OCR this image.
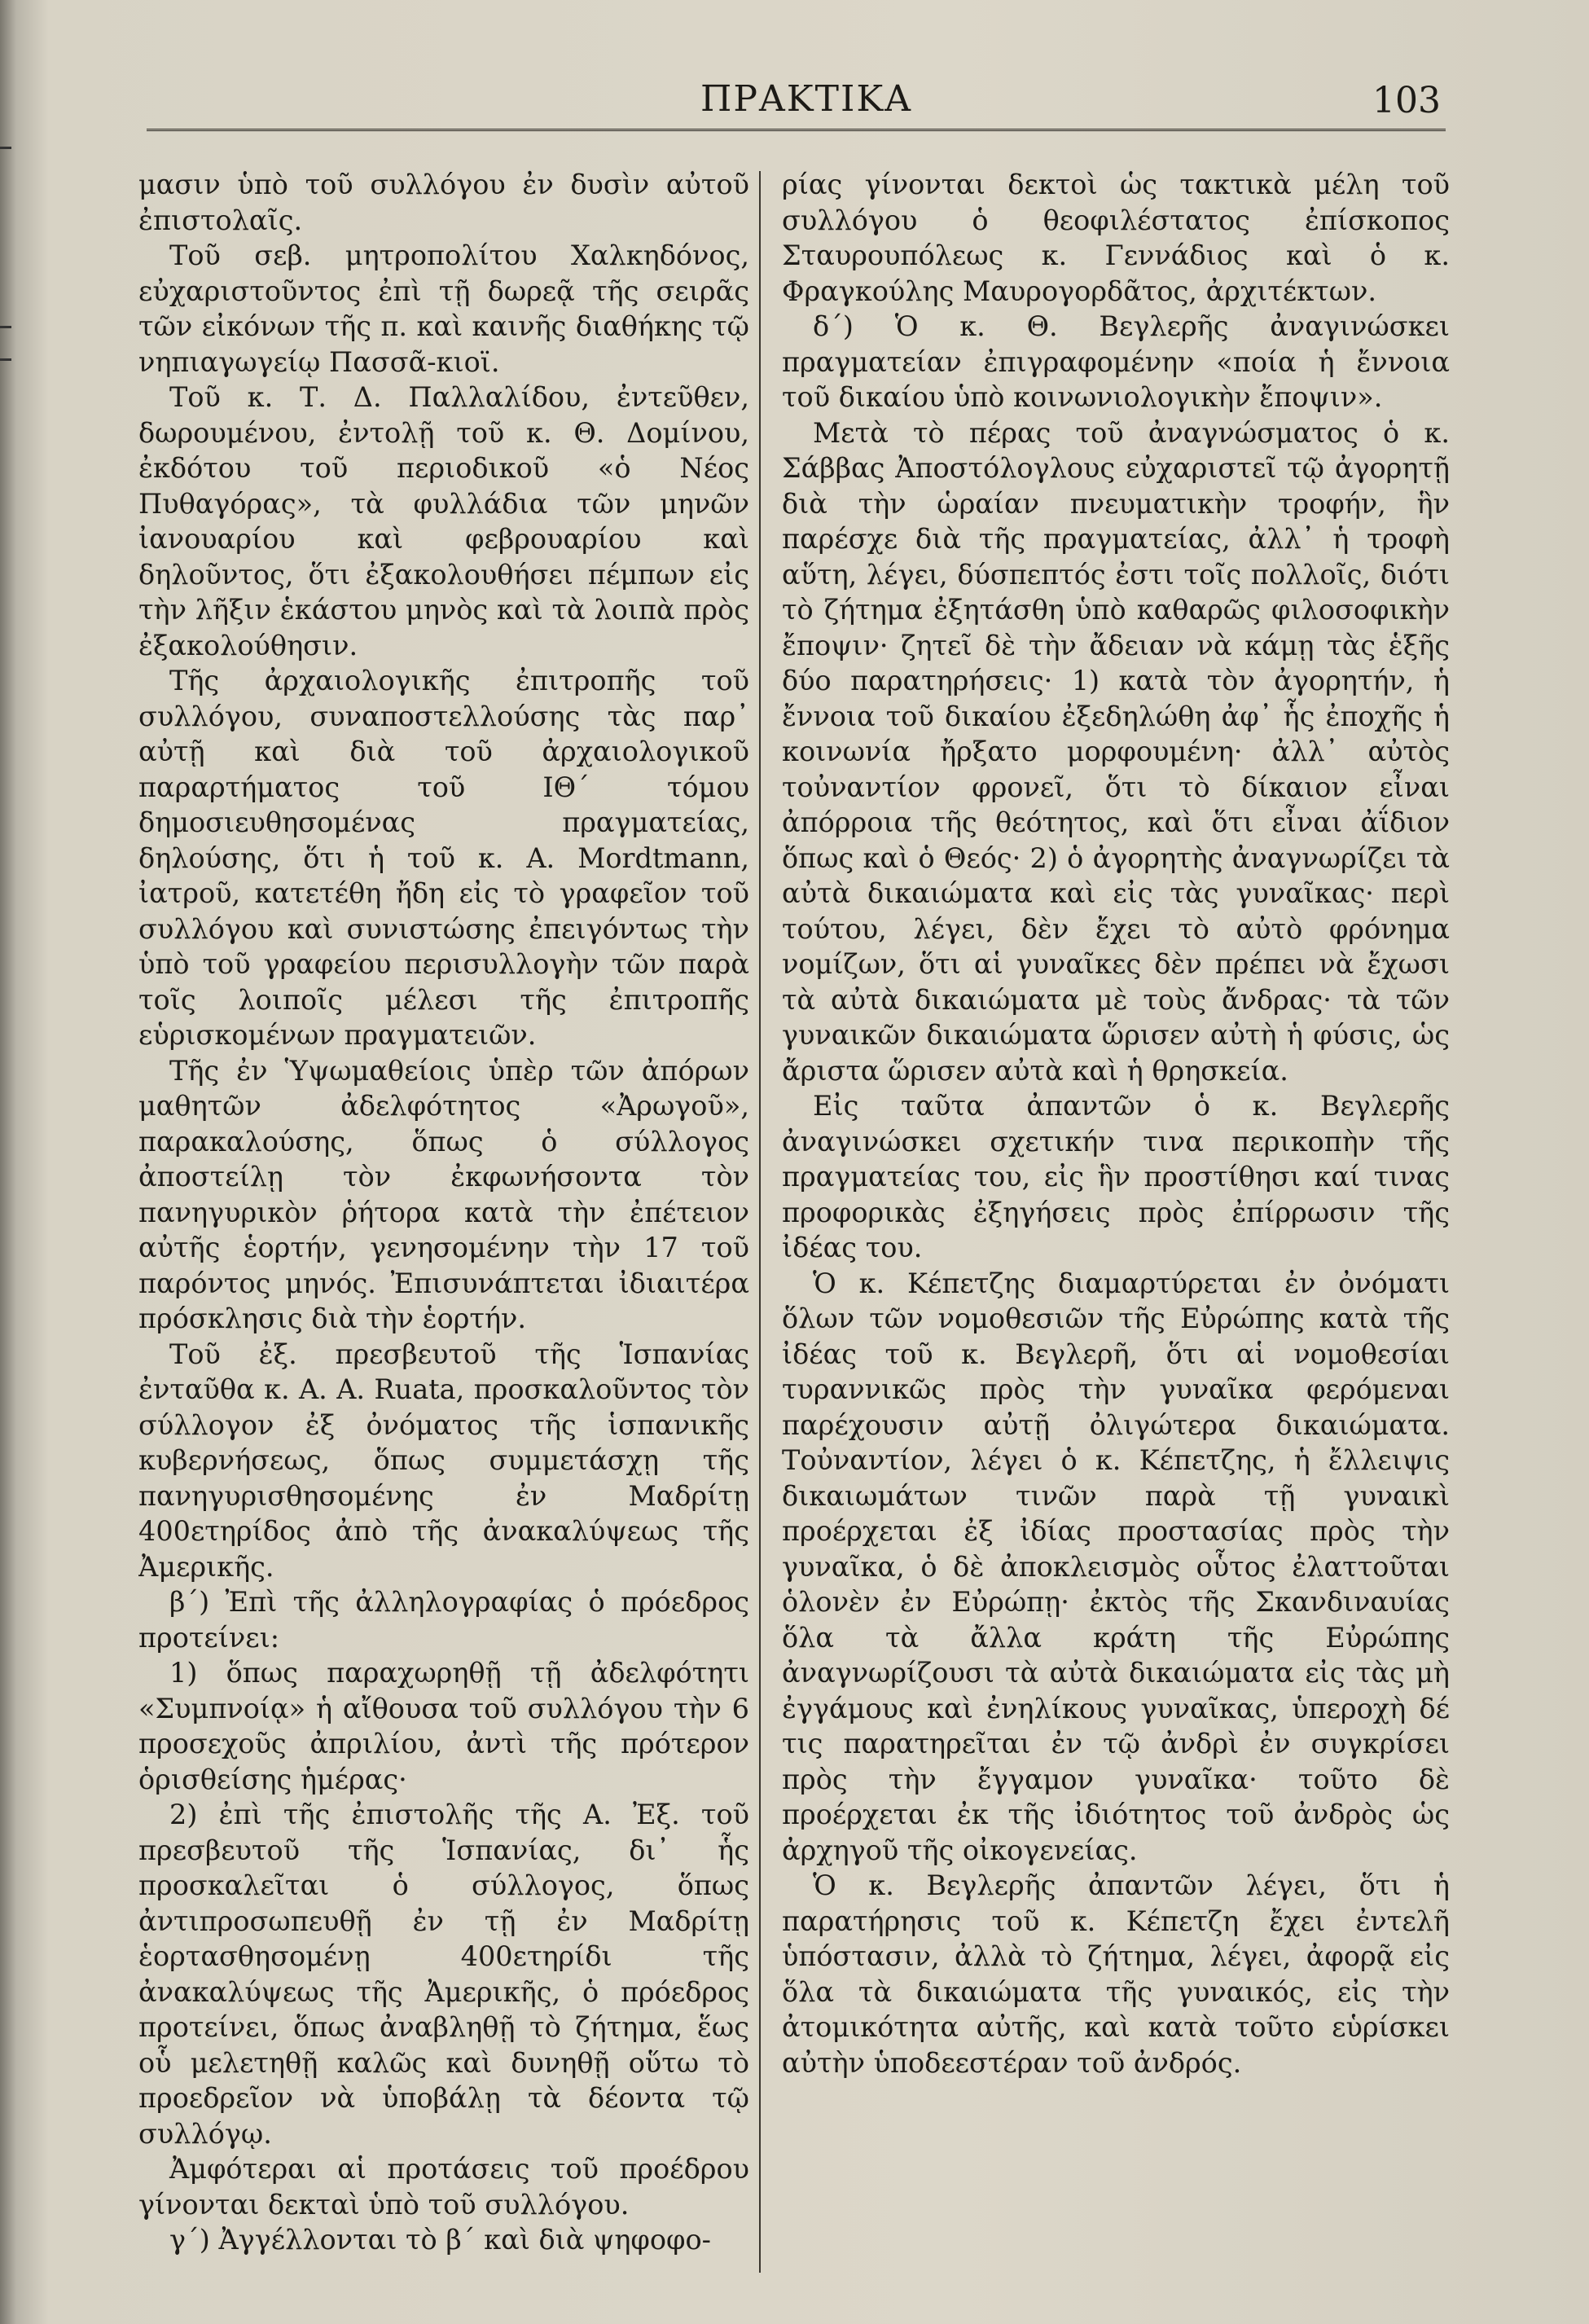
ΠΡΑΚΤΙΚΑ	103

μασιν ὑπὸ τοῦ συλλόγου ἐν δυσὶν αὐτοῦ ἐπιστολαῖς.

Τοῦ σεβ. μητροπολίτου Χαλκηδόνος, εὐχαριστοῦντος ἐπὶ τῇ δωρεᾷ τῆς σειρᾶς τῶν εἰκόνων τῆς π. καὶ καινῆς διαθήκης τῷ νηπιαγωγείῳ Πασσᾶ-κιοϊ.

Τοῦ κ. Τ. Δ. Παλλαλίδου, ἐντεῦθεν, δωρουμένου, ἐντολῇ τοῦ κ. Θ. Δομίνου, ἐκδότου τοῦ περιοδικοῦ «ὁ Νέος Πυθαγόρας», τὰ φυλλάδια τῶν μηνῶν ἰανουαρίου καὶ φεβρουαρίου καὶ δηλοῦντος, ὅτι ἐξακολουθήσει πέμπων εἰς τὴν λῆξιν ἑκάστου μηνὸς καὶ τὰ λοιπὰ πρὸς ἐξακολούθησιν.

Τῆς ἀρχαιολογικῆς ἐπιτροπῆς τοῦ συλλόγου, συναποστελλούσης τὰς παρ᾽ αὐτῇ καὶ διὰ τοῦ ἀρχαιολογικοῦ παραρτήματος τοῦ ΙΘ´ τόμου δημοσιευθησομένας πραγματείας, δηλούσης, ὅτι ἡ τοῦ κ. Α. Mordtmann, ἰατροῦ, κατετέθη ἤδη εἰς τὸ γραφεῖον τοῦ συλλόγου καὶ συνιστώσης ἐπειγόντως τὴν ὑπὸ τοῦ γραφείου περισυλλογὴν τῶν παρὰ τοῖς λοιποῖς μέλεσι τῆς ἐπιτροπῆς εὑρισκομένων πραγματειῶν.

Τῆς ἐν Ὑψωμαθείοις ὑπὲρ τῶν ἀπόρων μαθητῶν ἀδελφότητος «Ἀρωγοῦ», παρακαλούσης, ὅπως ὁ σύλλογος ἀποστείλῃ τὸν ἐκφωνήσοντα τὸν πανηγυρικὸν ῥήτορα κατὰ τὴν ἐπέτειον αὐτῆς ἑορτήν, γενησομένην τὴν 17 τοῦ παρόντος μηνός. Ἐπισυνάπτεται ἰδιαιτέρα πρόσκλησις διὰ τὴν ἑορτήν.

Τοῦ ἐξ. πρεσβευτοῦ τῆς Ἱσπανίας ἐνταῦθα κ. A. A. Ruata, προσκαλοῦντος τὸν σύλλογον ἐξ ὀνόματος τῆς ἱσπανικῆς κυβερνήσεως, ὅπως συμμετάσχῃ τῆς πανηγυρισθησομένης ἐν Μαδρίτῃ 400ετηρίδος ἀπὸ τῆς ἀνακαλύψεως τῆς Ἀμερικῆς.

β´) Ἐπὶ τῆς ἀλληλογραφίας ὁ πρόεδρος προτείνει:

1) ὅπως παραχωρηθῇ τῇ ἀδελφότητι «Συμπνοίᾳ» ἡ αἴθουσα τοῦ συλλόγου τὴν 6 προσεχοῦς ἀπριλίου, ἀντὶ τῆς πρότερον ὁρισθείσης ἡμέρας·

2) ἐπὶ τῆς ἐπιστολῆς τῆς Α. Ἐξ. τοῦ πρεσβευτοῦ τῆς Ἱσπανίας, δι᾽ ἧς προσκαλεῖται ὁ σύλλογος, ὅπως ἀντιπροσωπευθῇ ἐν τῇ ἐν Μαδρίτῃ ἑορτασθησομένῃ 400ετηρίδι τῆς ἀνακαλύψεως τῆς Ἀμερικῆς, ὁ πρόεδρος προτείνει, ὅπως ἀναβληθῇ τὸ ζήτημα, ἕως οὗ μελετηθῇ καλῶς καὶ δυνηθῇ οὕτω τὸ προεδρεῖον νὰ ὑποβάλῃ τὰ δέοντα τῷ συλλόγῳ.

Ἀμφότεραι αἱ προτάσεις τοῦ προέδρου γίνονται δεκταὶ ὑπὸ τοῦ συλλόγου.

γ´) Ἀγγέλλονται τὸ β´ καὶ διὰ ψηφοφο-

ρίας γίνονται δεκτοὶ ὡς τακτικὰ μέλη τοῦ συλλόγου ὁ θεοφιλέστατος ἐπίσκοπος Σταυρουπόλεως κ. Γεννάδιος καὶ ὁ κ. Φραγκούλης Μαυρογορδᾶτος, ἀρχιτέκτων.

δ´) Ὁ κ. Θ. Βεγλερῆς ἀναγινώσκει πραγματείαν ἐπιγραφομένην «ποία ἡ ἔννοια τοῦ δικαίου ὑπὸ κοινωνιολογικὴν ἔποψιν».

Μετὰ τὸ πέρας τοῦ ἀναγνώσματος ὁ κ. Σάββας Ἀποστόλογλους εὐχαριστεῖ τῷ ἀγορητῇ διὰ τὴν ὡραίαν πνευματικὴν τροφήν, ἣν παρέσχε διὰ τῆς πραγματείας, ἀλλ᾽ ἡ τροφὴ αὕτη, λέγει, δύσπεπτός ἐστι τοῖς πολλοῖς, διότι τὸ ζήτημα ἐξητάσθη ὑπὸ καθαρῶς φιλοσοφικὴν ἔποψιν· ζητεῖ δὲ τὴν ἄδειαν νὰ κάμῃ τὰς ἑξῆς δύο παρατηρήσεις· 1) κατὰ τὸν ἀγορητήν, ἡ ἔννοια τοῦ δικαίου ἐξεδηλώθη ἀφ᾽ ἧς ἐποχῆς ἡ κοινωνία ἤρξατο μορφουμένη· ἀλλ᾽ αὐτὸς τοὐναντίον φρονεῖ, ὅτι τὸ δίκαιον εἶναι ἀπόρροια τῆς θεότητος, καὶ ὅτι εἶναι ἀΐδιον ὅπως καὶ ὁ Θεός· 2) ὁ ἀγορητὴς ἀναγνωρίζει τὰ αὐτὰ δικαιώματα καὶ εἰς τὰς γυναῖκας· περὶ τούτου, λέγει, δὲν ἔχει τὸ αὐτὸ φρόνημα νομίζων, ὅτι αἱ γυναῖκες δὲν πρέπει νὰ ἔχωσι τὰ αὐτὰ δικαιώματα μὲ τοὺς ἄνδρας· τὰ τῶν γυναικῶν δικαιώματα ὥρισεν αὐτὴ ἡ φύσις, ὡς ἄριστα ὥρισεν αὐτὰ καὶ ἡ θρησκεία.

Εἰς ταῦτα ἀπαντῶν ὁ κ. Βεγλερῆς ἀναγινώσκει σχετικήν τινα περικοπὴν τῆς πραγματείας του, εἰς ἣν προστίθησι καί τινας προφορικὰς ἐξηγήσεις πρὸς ἐπίρρωσιν τῆς ἰδέας του.

Ὁ κ. Κέπετζης διαμαρτύρεται ἐν ὀνόματι ὅλων τῶν νομοθεσιῶν τῆς Εὐρώπης κατὰ τῆς ἰδέας τοῦ κ. Βεγλερῆ, ὅτι αἱ νομοθεσίαι τυραννικῶς πρὸς τὴν γυναῖκα φερόμεναι παρέχουσιν αὐτῇ ὀλιγώτερα δικαιώματα. Τοὐναντίον, λέγει ὁ κ. Κέπετζης, ἡ ἔλλειψις δικαιωμάτων τινῶν παρὰ τῇ γυναικὶ προέρχεται ἐξ ἰδίας προστασίας πρὸς τὴν γυναῖκα, ὁ δὲ ἀποκλεισμὸς οὗτος ἐλαττοῦται ὁλονὲν ἐν Εὐρώπῃ· ἐκτὸς τῆς Σκανδιναυίας ὅλα τὰ ἄλλα κράτη τῆς Εὐρώπης ἀναγνωρίζουσι τὰ αὐτὰ δικαιώματα εἰς τὰς μὴ ἐγγάμους καὶ ἐνηλίκους γυναῖκας, ὑπεροχὴ δέ τις παρατηρεῖται ἐν τῷ ἀνδρὶ ἐν συγκρίσει πρὸς τὴν ἔγγαμον γυναῖκα· τοῦτο δὲ προέρχεται ἐκ τῆς ἰδιότητος τοῦ ἀνδρὸς ὡς ἀρχηγοῦ τῆς οἰκογενείας.

Ὁ κ. Βεγλερῆς ἀπαντῶν λέγει, ὅτι ἡ παρατήρησις τοῦ κ. Κέπετζη ἔχει ἐντελῆ ὑπόστασιν, ἀλλὰ τὸ ζήτημα, λέγει, ἀφορᾷ εἰς ὅλα τὰ δικαιώματα τῆς γυναικός, εἰς τὴν ἀτομικότητα αὐτῆς, καὶ κατὰ τοῦτο εὑρίσκει αὐτὴν ὑποδεεστέραν τοῦ ἀνδρός.
